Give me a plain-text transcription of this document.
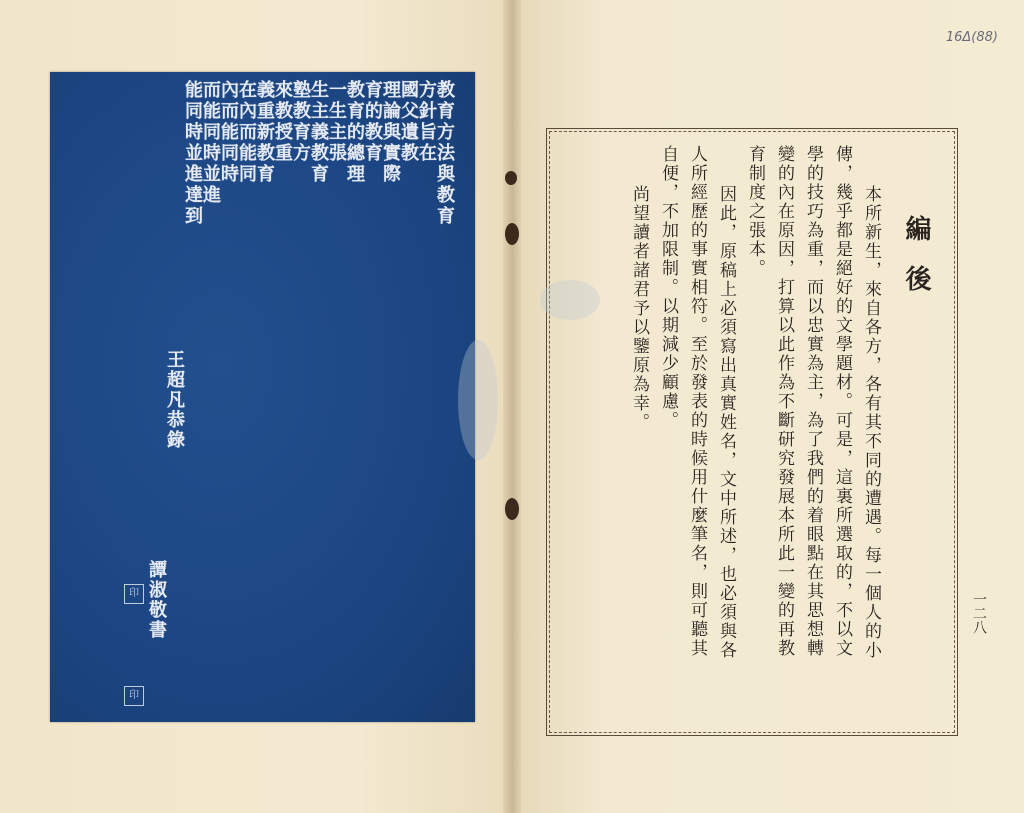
教育方法與教育
方針旨在
國父遺教
理論與實際
育的教育
教育的總理
一生主張
生主義教育
塾教育方
來教授重
義重新教育
在內而能同
內而能同時
而能同時並進
能同時並進達到
王超凡恭錄
譚淑敬書
印
印
16Δ(88)
編後
本所新生，來自各方，各有其不同的遭遇。每一個人的小
傳，幾乎都是絕好的文學題材。可是，這裏所選取的，不以文
學的技巧為重，而以忠實為主，為了我們的着眼點在其思想轉
變的內在原因，打算以此作為不斷研究發展本所此一變的再教
育制度之張本。
因此，原稿上必須寫出真實姓名，文中所述，也必須與各
人所經歷的事實相符。至於發表的時候用什麼筆名，則可聽其
自便，不加限制。以期減少顧慮。
尚望讀者諸君予以鑒原為幸。
一二八
